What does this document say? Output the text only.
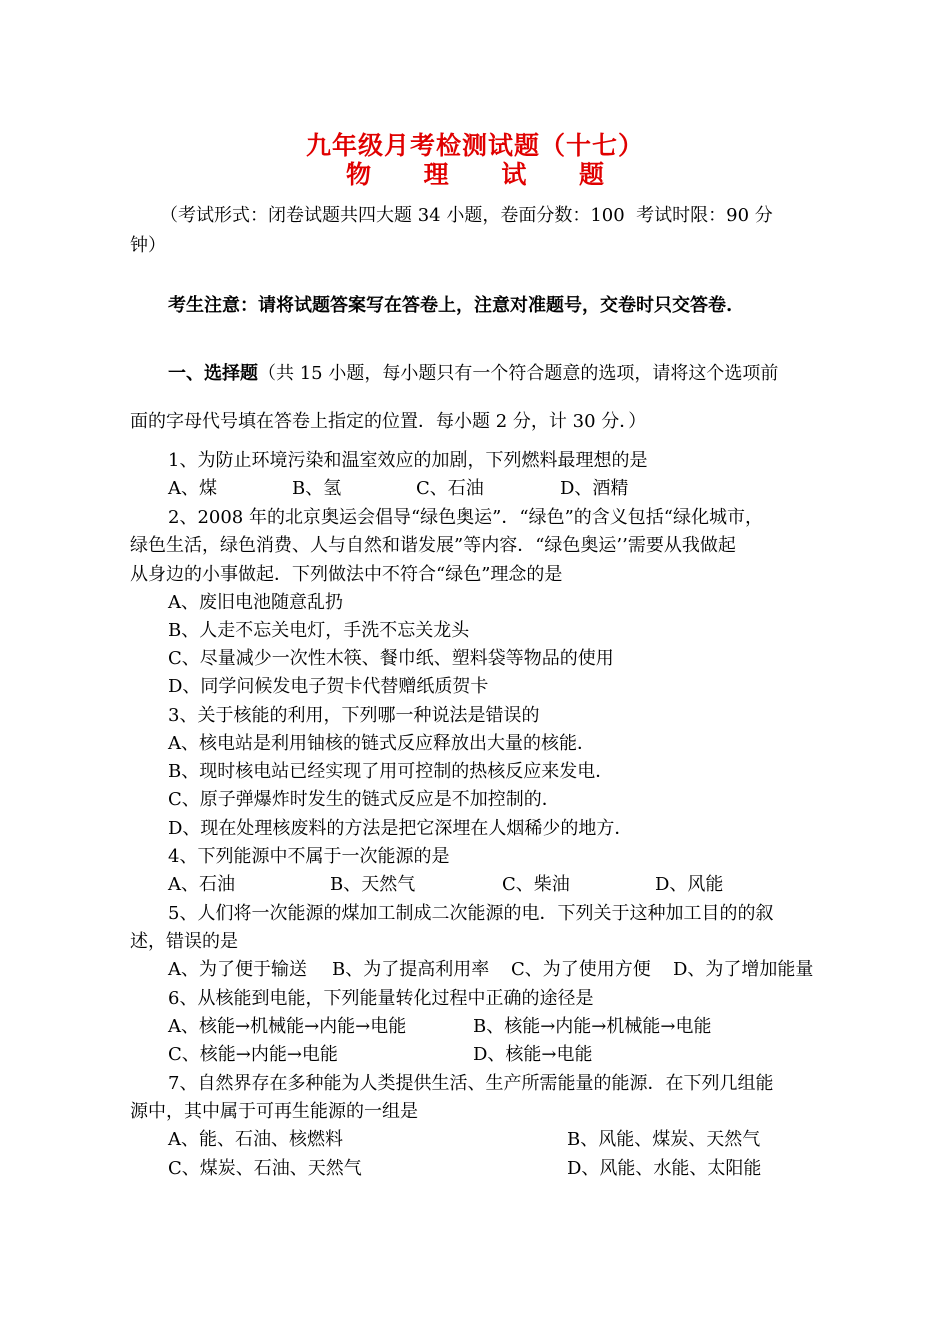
九年级月考检测试题（十七）
物 理 试 题
（考试形式：闭卷试题共四大题 34 小题，卷面分数：100  考试时限：90 分
钟）
考生注意：请将试题答案写在答卷上，注意对准题号，交卷时只交答卷.
一、选择题（共 15 小题，每小题只有一个符合题意的选项，请将这个选项前
面的字母代号填在答卷上指定的位置．每小题 2 分，计 30 分．）
1、为防止环境污染和温室效应的加剧，下列燃料最理想的是
A、煤	B、氢	C、石油	D、酒精
2、2008 年的北京奥运会倡导“绿色奥运”．“绿色”的含义包括“绿化城市，
绿色生活，绿色消费、人与自然和谐发展”等内容．“绿色奥运’’需要从我做起
从身边的小事做起．下列做法中不符合“绿色”理念的是
A、废旧电池随意乱扔
B、人走不忘关电灯，手洗不忘关龙头
C、尽量减少一次性木筷、餐巾纸、塑料袋等物品的使用
D、同学问候发电子贺卡代替赠纸质贺卡
3、关于核能的利用，下列哪一种说法是错误的
A、核电站是利用铀核的链式反应释放出大量的核能．
B、现时核电站已经实现了用可控制的热核反应来发电．
C、原子弹爆炸时发生的链式反应是不加控制的．
D、现在处理核废料的方法是把它深埋在人烟稀少的地方．
4、下列能源中不属于一次能源的是
A、石油	B、天然气	C、柴油	D、风能
5、人们将一次能源的煤加工制成二次能源的电．下列关于这种加工目的的叙
述，错误的是
A、为了便于输送 B、为了提高利用率 C、为了使用方便 D、为了增加能量
6、从核能到电能，下列能量转化过程中正确的途径是
A、核能→机械能→内能→电能	B、核能→内能→机械能→电能
C、核能→内能→电能	D、核能→电能
7、自然界存在多种能为人类提供生活、生产所需能量的能源．在下列几组能
源中，其中属于可再生能源的一组是
A、能、石油、核燃料	B、风能、煤炭、天然气
C、煤炭、石油、天然气	D、风能、水能、太阳能
